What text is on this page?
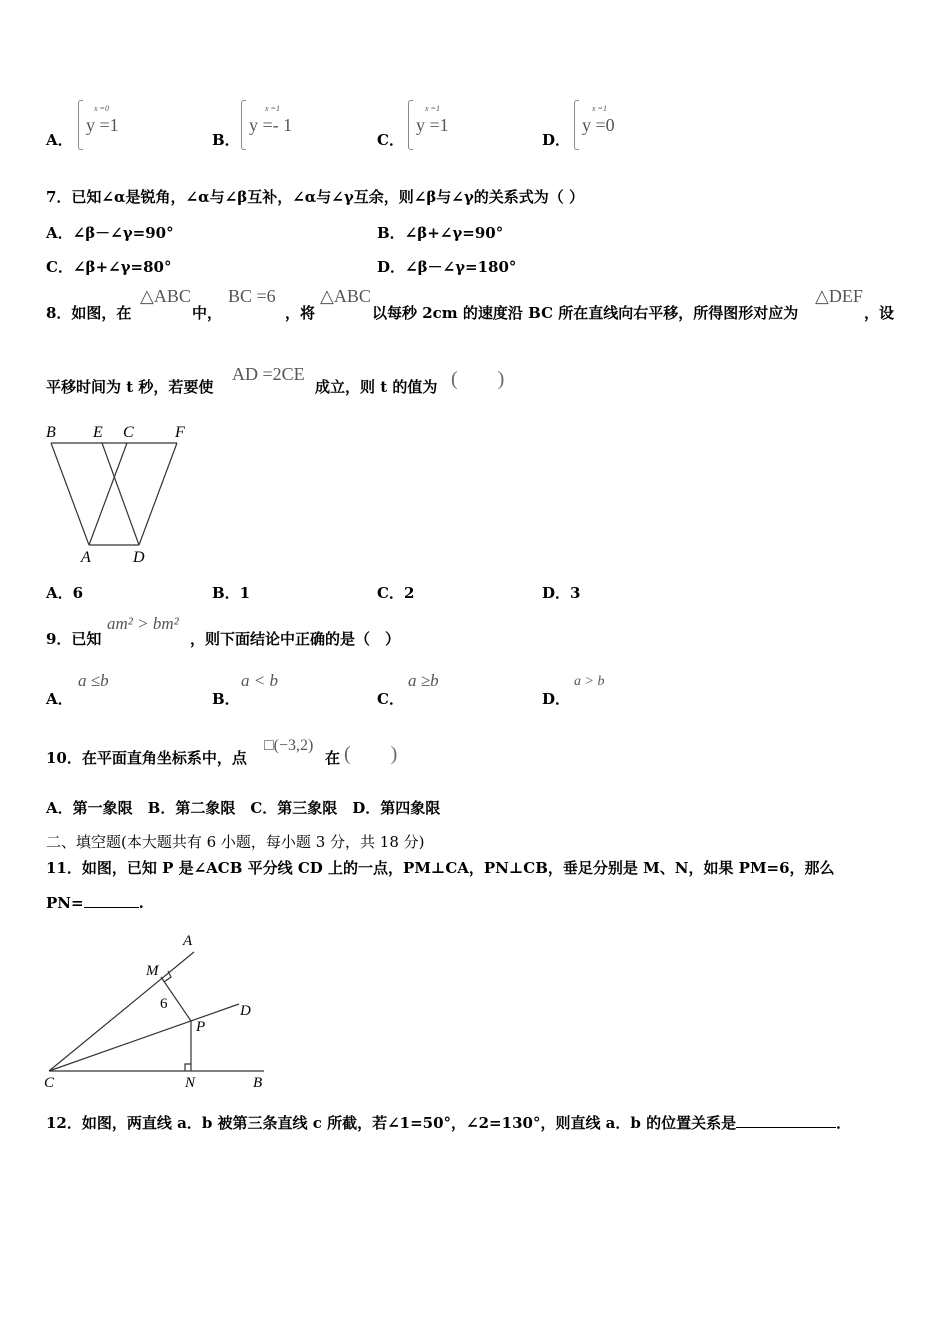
A．
x =0
y =1
B．
x =1
y =- 1
C．
x =1
y =1
D．
x =1
y =0
7．已知∠α是锐角，∠α与∠β互补，∠α与∠γ互余，则∠β与∠γ的关系式为（ ）
A．∠β－∠γ=90°	B．∠β+∠γ=90°
C．∠β+∠γ=80°	D．∠β－∠γ=180°
8．如图，在
△ABC
中，
BC =6
，将
△ABC
以每秒 2cm 的速度沿 BC 所在直线向右平移，所得图形对应为
△DEF
，设
平移时间为 t 秒，若要使
AD =2CE
成立，则 t 的值为 (　　)
B E C	F
A	D
A．6	B．1	C．2	D．3
9．已知
am² > bm²
，则下面结论中正确的是（　）
A．
a ≤b
B．
a < b
C．
a ≥b
D．
a > b
10．在平面直角坐标系中，点
□(−3,2)
在 (　　)
A．第一象限　B．第二象限　C．第三象限　D．第四象限
二、填空题(本大题共有 6 小题，每小题 3 分，共 18 分)
11．如图，已知 P 是∠ACB 平分线 CD 上的一点，PM⊥CA，PN⊥CB，垂足分别是 M、N，如果 PM=6，那么
PN=	.
A
M
6	D
P
C	N	B
12．如图，两直线 a．b 被第三条直线 c 所截，若∠1=50°，∠2=130°，则直线 a．b 的位置关系是	．
